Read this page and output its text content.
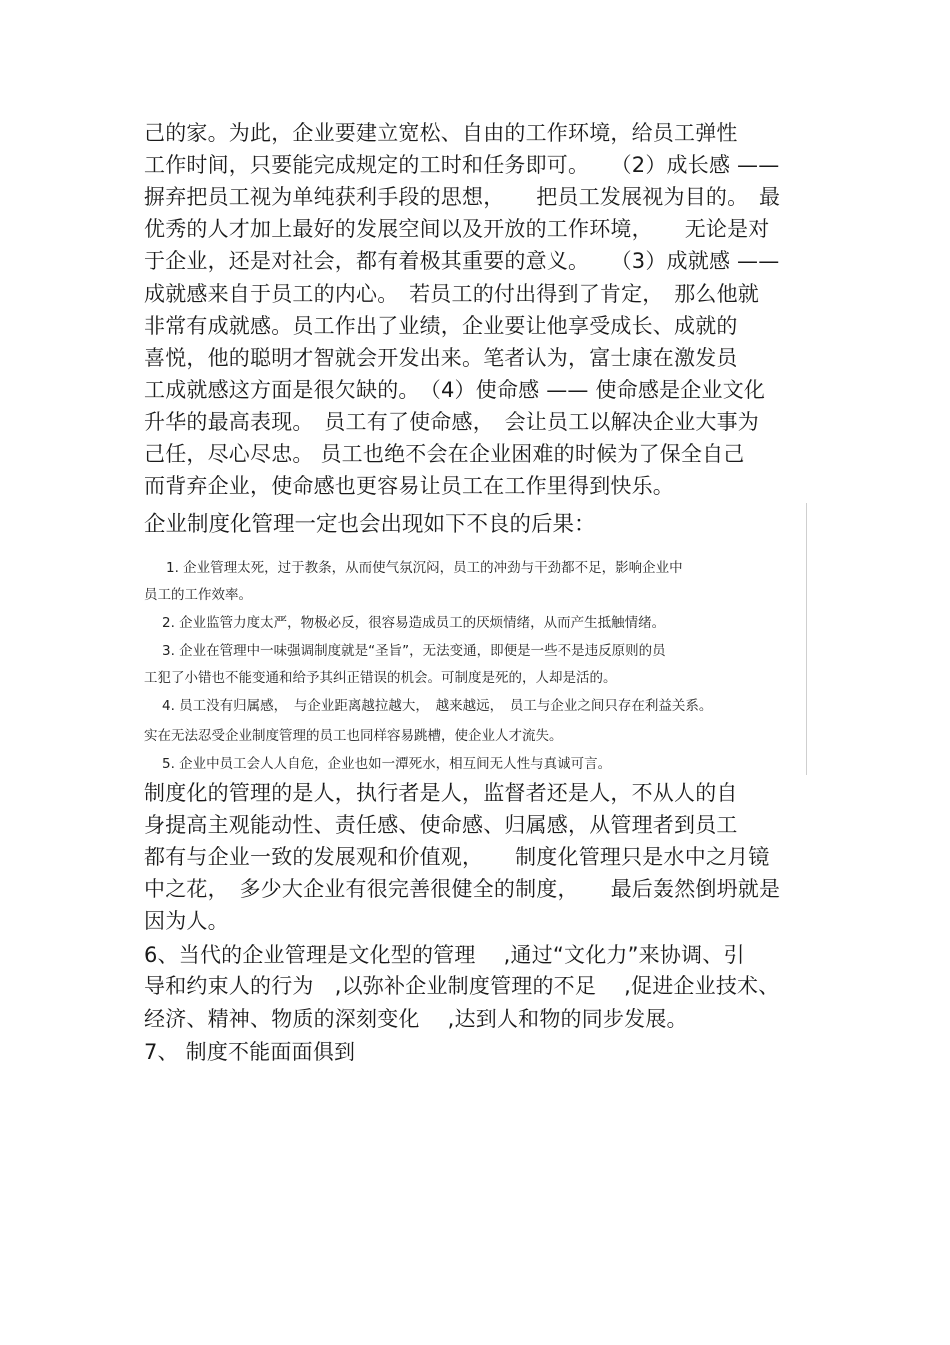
己的家。为此，企业要建立宽松、自由的工作环境，给员工弹性
工作时间，只要能完成规定的工时和任务即可。　　（2）成长感 ——
摒弃把员工视为单纯获利手段的思想，　　把员工发展视为目的。　最
优秀的人才加上最好的发展空间以及开放的工作环境，　　无论是对
于企业，还是对社会，都有着极其重要的意义。　　（3）成就感 ——
成就感来自于员工的内心。　若员工的付出得到了肯定，　那么他就
非常有成就感。员工作出了业绩，企业要让他享受成长、成就的
喜悦，他的聪明才智就会开发出来。笔者认为，富士康在激发员
工成就感这方面是很欠缺的。　（4）使命感 —— 使命感是企业文化
升华的最高表现。　员工有了使命感，　会让员工以解决企业大事为
己任，尽心尽忠。 员工也绝不会在企业困难的时候为了保全自己
而背弃企业，使命感也更容易让员工在工作里得到快乐。
企业制度化管理一定也会出现如下不良的后果：
1. 企业管理太死，过于教条，从而使气氛沉闷，员工的冲劲与干劲都不足，影响企业中
员工的工作效率。
2. 企业监管力度太严，物极必反，很容易造成员工的厌烦情绪，从而产生抵触情绪。
3. 企业在管理中一味强调制度就是“圣旨”，无法变通，即便是一些不是违反原则的员
工犯了小错也不能变通和给予其纠正错误的机会。可制度是死的，人却是活的。
4. 员工没有归属感，　与企业距离越拉越大，　越来越远，　员工与企业之间只存在利益关系。
实在无法忍受企业制度管理的员工也同样容易跳槽，使企业人才流失。
5. 企业中员工会人人自危，企业也如一潭死水，相互间无人性与真诚可言。
制度化的管理的是人，执行者是人，监督者还是人，不从人的自
身提高主观能动性、责任感、使命感、归属感，从管理者到员工
都有与企业一致的发展观和价值观，　　制度化管理只是水中之月镜
中之花，　多少大企业有很完善很健全的制度，　　最后轰然倒坍就是
因为人。
6、当代的企业管理是文化型的管理　 ,通过“文化力”来协调、引
导和约束人的行为　,以弥补企业制度管理的不足　 ,促进企业技术、
经济、精神、物质的深刻变化　 ,达到人和物的同步发展。
7、 制度不能面面俱到
